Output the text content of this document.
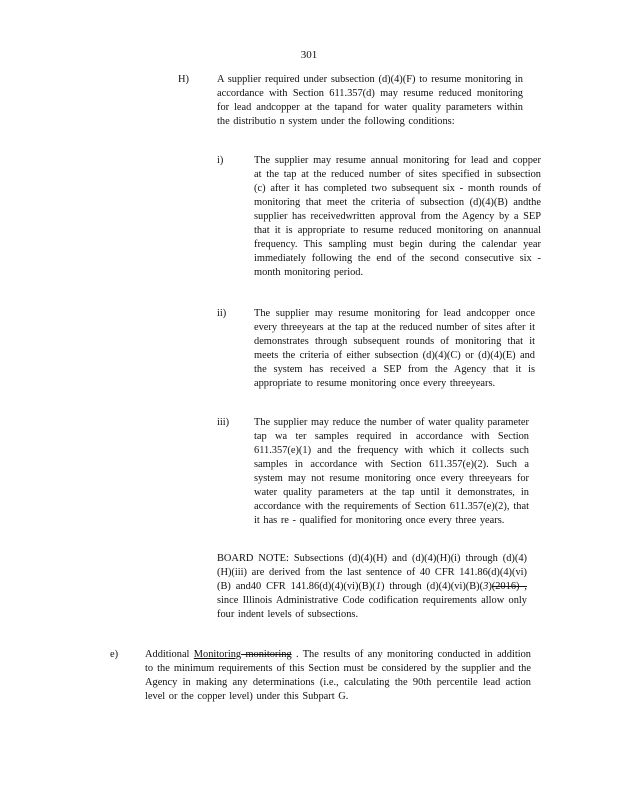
301
H)	A supplier required under subsection (d)(4)(F) to resume monitoring in accordance with Section 611.357(d) may resume reduced monitoring for lead andcopper at the tapand for water quality parameters within the distributio n system under the following conditions:

i)	The supplier may resume annual monitoring for lead and copper at the tap at the reduced number of sites specified in subsection (c) after it has completed two subsequent six - month rounds of monitoring that meet the criteria of subsection (d)(4)(B) andthe supplier has receivedwritten approval from the Agency by a SEP that it is appropriate to resume reduced monitoring on anannual frequency. This sampling must begin during the calendar year immediately following the end of the second consecutive six - month monitoring period.

ii)	The supplier may resume monitoring for lead andcopper once every threeyears at the tap at the reduced number of sites after it demonstrates through subsequent rounds of monitoring that it meets the criteria of either subsection (d)(4)(C) or (d)(4)(E) and the system has received a SEP from the Agency that it is appropriate to resume monitoring once every threeyears.

iii) The supplier may reduce the number of water quality parameter tap wa ter samples required in accordance with Section 611.357(e)(1) and the frequency with which it collects such samples in accordance with Section 611.357(e)(2). Such a system may not resume monitoring once every threeyears for water quality parameters at the tap until it demonstrates, in accordance with the requirements of Section 611.357(e)(2), that it has re - qualified for monitoring once every three years.

BOARD NOTE: Subsections (d)(4)(H) and (d)(4)(H)(i) through (d)(4)(H)(iii) are derived from the last sentence of 40 CFR 141.86(d)(4)(vi)(B) and40 CFR 141.86(d)(4)(vi)(B)(1) through (d)(4)(vi)(B)(3)(2016) , since Illinois Administrative Code codification requirements allow only four indent levels of subsections.

e)	Additional Monitoring monitoring . The results of any monitoring conducted in addition to the minimum requirements of this Section must be considered by the supplier and the Agency in making any determinations (i.e., calculating the 90th percentile lead action level or the copper level) under this Subpart G.
